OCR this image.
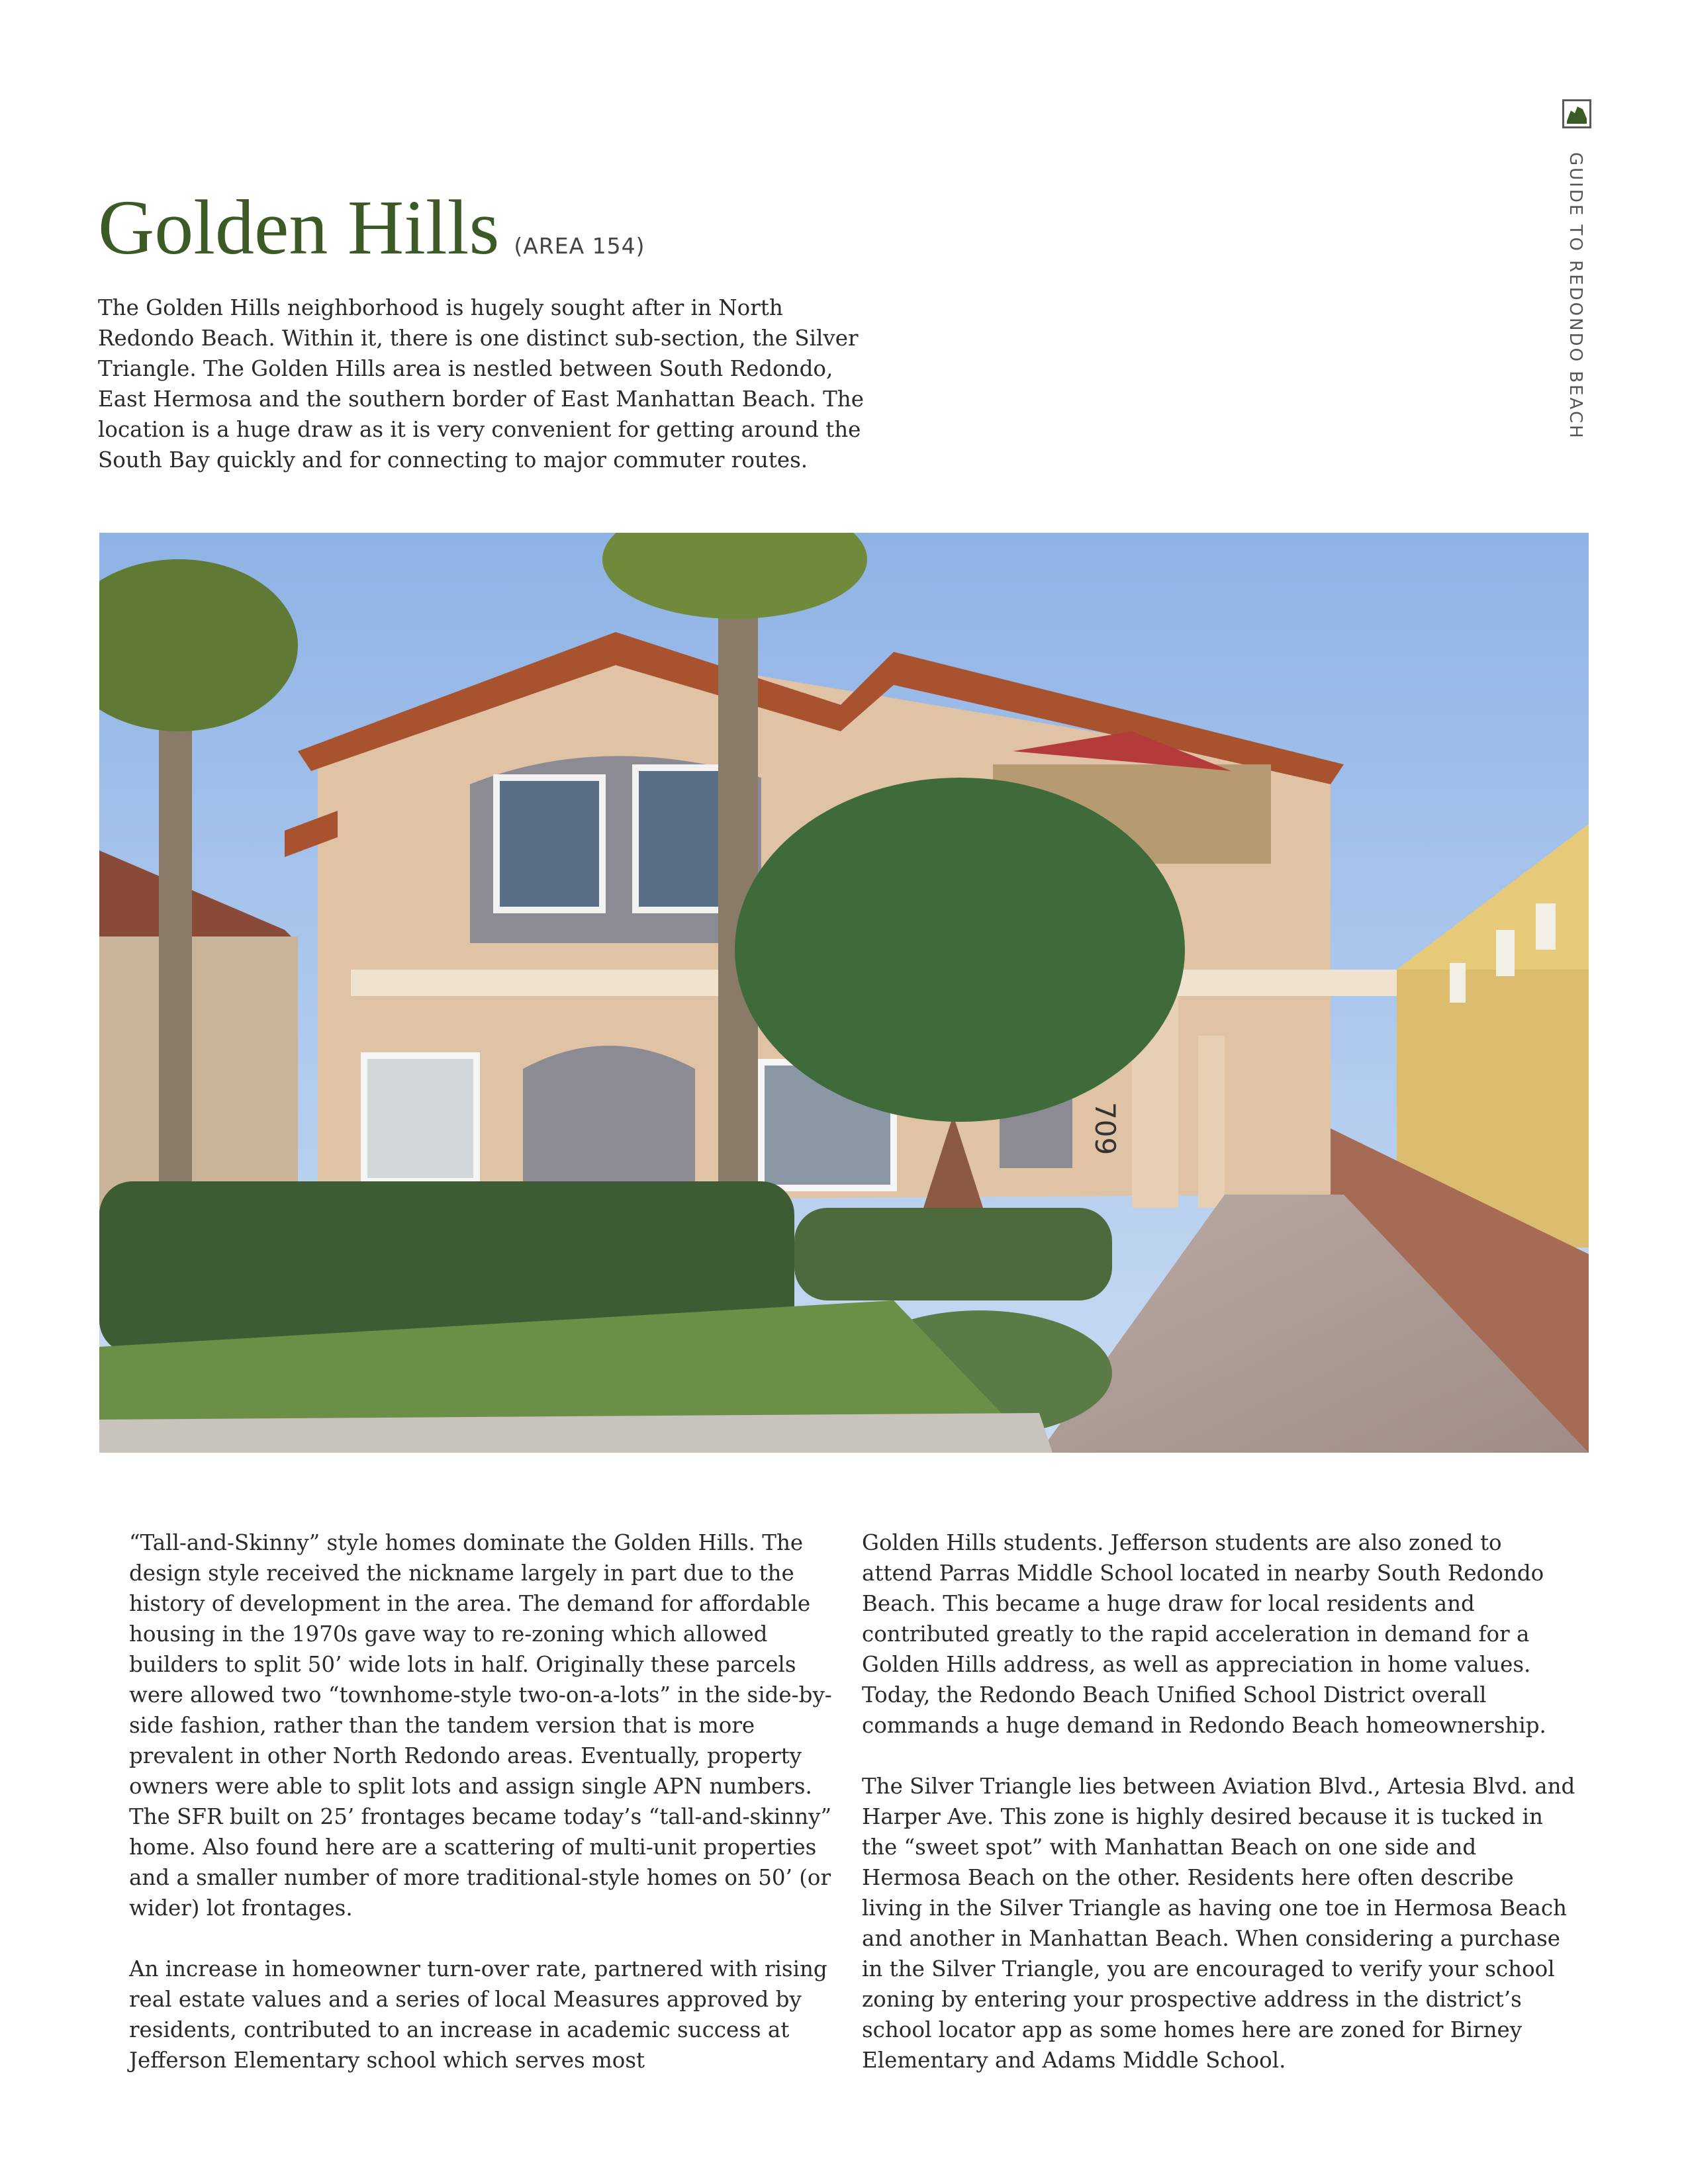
GUIDE TO REDONDO BEACH
Golden Hills (AREA 154)
The Golden Hills neighborhood is hugely sought after in North Redondo Beach. Within it, there is one distinct sub-section, the Silver Triangle. The Golden Hills area is nestled between South Redondo, East Hermosa and the southern border of East Manhattan Beach. The location is a huge draw as it is very convenient for getting around the South Bay quickly and for connecting to major commuter routes.
709

“Tall-and-Skinny” style homes dominate the Golden Hills. The design style received the nickname largely in part due to the history of development in the area. The demand for affordable housing in the 1970s gave way to re-zoning which allowed builders to split 50’ wide lots in half. Originally these parcels were allowed two “townhome-style two-on-a-lots” in the side-by-side fashion, rather than the tandem version that is more prevalent in other North Redondo areas. Eventually, property owners were able to split lots and assign single APN numbers. The SFR built on 25’ frontages became today’s “tall-and-skinny” home. Also found here are a scattering of multi-unit properties and a smaller number of more traditional-style homes on 50’ (or wider) lot frontages.

An increase in homeowner turn-over rate, partnered with rising real estate values and a series of local Measures approved by residents, contributed to an increase in academic success at Jefferson Elementary school which serves most

Golden Hills students. Jefferson students are also zoned to attend Parras Middle School located in nearby South Redondo Beach. This became a huge draw for local residents and contributed greatly to the rapid acceleration in demand for a Golden Hills address, as well as appreciation in home values. Today, the Redondo Beach Unified School District overall commands a huge demand in Redondo Beach homeownership.

The Silver Triangle lies between Aviation Blvd., Artesia Blvd. and Harper Ave. This zone is highly desired because it is tucked in the “sweet spot” with Manhattan Beach on one side and Hermosa Beach on the other. Residents here often describe living in the Silver Triangle as having one toe in Hermosa Beach and another in Manhattan Beach. When considering a purchase in the Silver Triangle, you are encouraged to verify your school zoning by entering your prospective address in the district’s school locator app as some homes here are zoned for Birney Elementary and Adams Middle School.
